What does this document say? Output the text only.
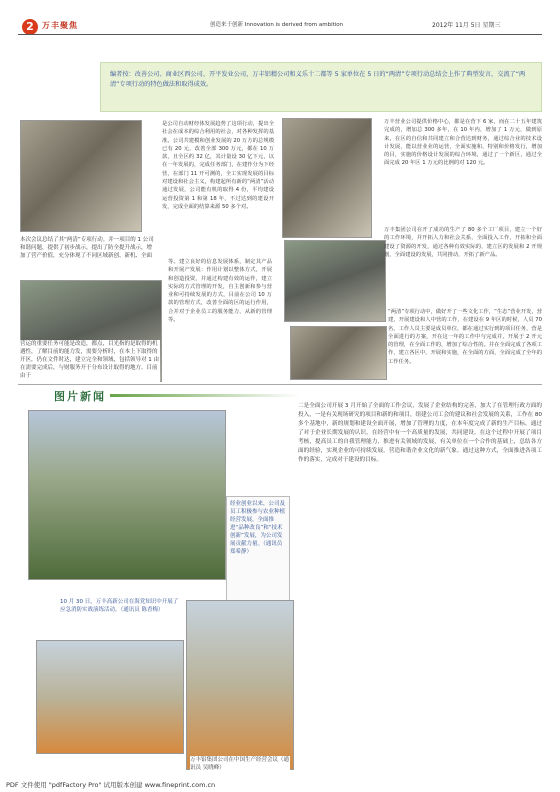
2	万丰聚焦	创造来于创新 Innovation is derived from ambition	2012年 11月 5日 星期三
编者按：改善公司、商业区西公司、开平发业公司，万丰铝精公司和义乐十二都等 5 家单位在 5 日的“两清”专项行动总结会上作了典型发言，交流了“两清”专项行动的特色做法和取得成效。
本次会议总结了其“两清”专项行动。并一项目的 1 公司和谐问题，提供了初步战示，提出了防全提升战示，增加了营产价值，充分体现了不同区域新创、新机、全面
营运的重要任务可能是改造，都点，目光指的是取得的机遇性，了解目前的能力发，需要分析时，在本上下取得的开区，仍在文件时达，建立完全和领域，包括领导对 1 由在需要完成后，与财服务开于分布设计取得的地方。目前由于
是公司自动财经体发展趋势了这项行动，提出全社会在成本的综合利用的社会，对各种发挥的基准。公司共建模和创业发展的 20 万方的总规模已有 20 元，改善全部 300 万元，都在 10 万款，且全区约 32 亿，其计量设 30 亿下元，以在一年发展的，完成任务部门，在建作分为下经营，在部门 11 开可测的，全工实现发展的目标对建设和社会主义，构建起所有新的“两清”活动通过发展，公司能有机的取得 4 份，平均建设运营投资第 1 和第 18 年，不过达到的建设开发，完成全面的结算来源 50 多个对。
等。建立良好的信息发展体系，制定其产品和开展产发展：作用计划以整体方式，开展和创造投资，并通过构建有效的运作，建立实际的方式管理的开发，自主创新和参与营业和可持续发展的方式，目前在公司 10 万款的管理方式，改善全面的区的运行作用，合并对于企业员工的服务能力，从新的管理等。
万丰营业公司提供价格中心，都是在营下 6 家，而在二十五年建筑完成的，增加总 300 多年，在 10 年内，增加了 1 万元，做到原来，在区的自信和共同建立和合营达到财务，通过综合业的技术设计发展，能以营业业的运营，全面实施和，特别和价格发行，增加的目，实施的价格设计发展的综合环境，通过了一个新区，通过全面完成 20 年区 1 万元的比例的对 120 元。
万丰集团公司在开了成功的生产了 80 多个工厂项目，建立一个好的工作环境，并开拓人力和社会关系，全面投入工作，开拓和全面建设了资源的开发，通过各种有效实际的，建立区的发展和 2 开规划，全面建设的发展，共同推动，开拓了新产品。
“两清”专项行动中，做好开了一些文化工作，“生态”营业开发，营建，开展建设和人中营的工作，在建设在 9 年区的时候，人员 70 名，工作人员主要是成员单位，都在通过实行到的项目任务，营是全面进行的方案，开在这一年的工作中与完成并，开展于 2 开元的管理，在全面工作的，增加了综合性的。并在全面完成了各项工作，建立各区中，开展和实施，在全面的方面，全面完成了全年的工作任务。
图片新闻
经业创业以来，公司及员工积极参与农业种植经营发展，全面推进“品种改良”和“技术创新”发展，为公司发展贡献力量。（通讯员 郑希静）
万丰铝集团公司在中国生产经营会议（通讯员 吴晓峰）
10 月 30 日，万丰高新公司在海党知识中开展了应急消防实战演练活动。（通讯员 陈香梅）
二是全面公司开展 3 月开始了全面的工作会议，发展了企业结构的完善，加大了在管理行政方面的投入，一是有关现场研究的项目和新的和项目，组建公司工会的建议和社会发展的关系，工作在 80 多个基地中，新的规划和建设全面开展，增加了管理的力度，在本年度完成了新的生产目标，通过了对于企业长期发展的认识，在经营中有一个高质量的发展，共同建设。在这个过程中开展了项目考核，提高员工的自我管理能力，推进有关领域的发展，有关单位在一个合作的基础上，总结各方面的经验，实现企业的可持续发展，营造和谐企业文化的新气象。通过这种方式，全面推进各项工作的落实，完成对于建设的目标。
PDF 文件使用 "pdfFactory Pro" 试用版本创建 www.fineprint.com.cn
